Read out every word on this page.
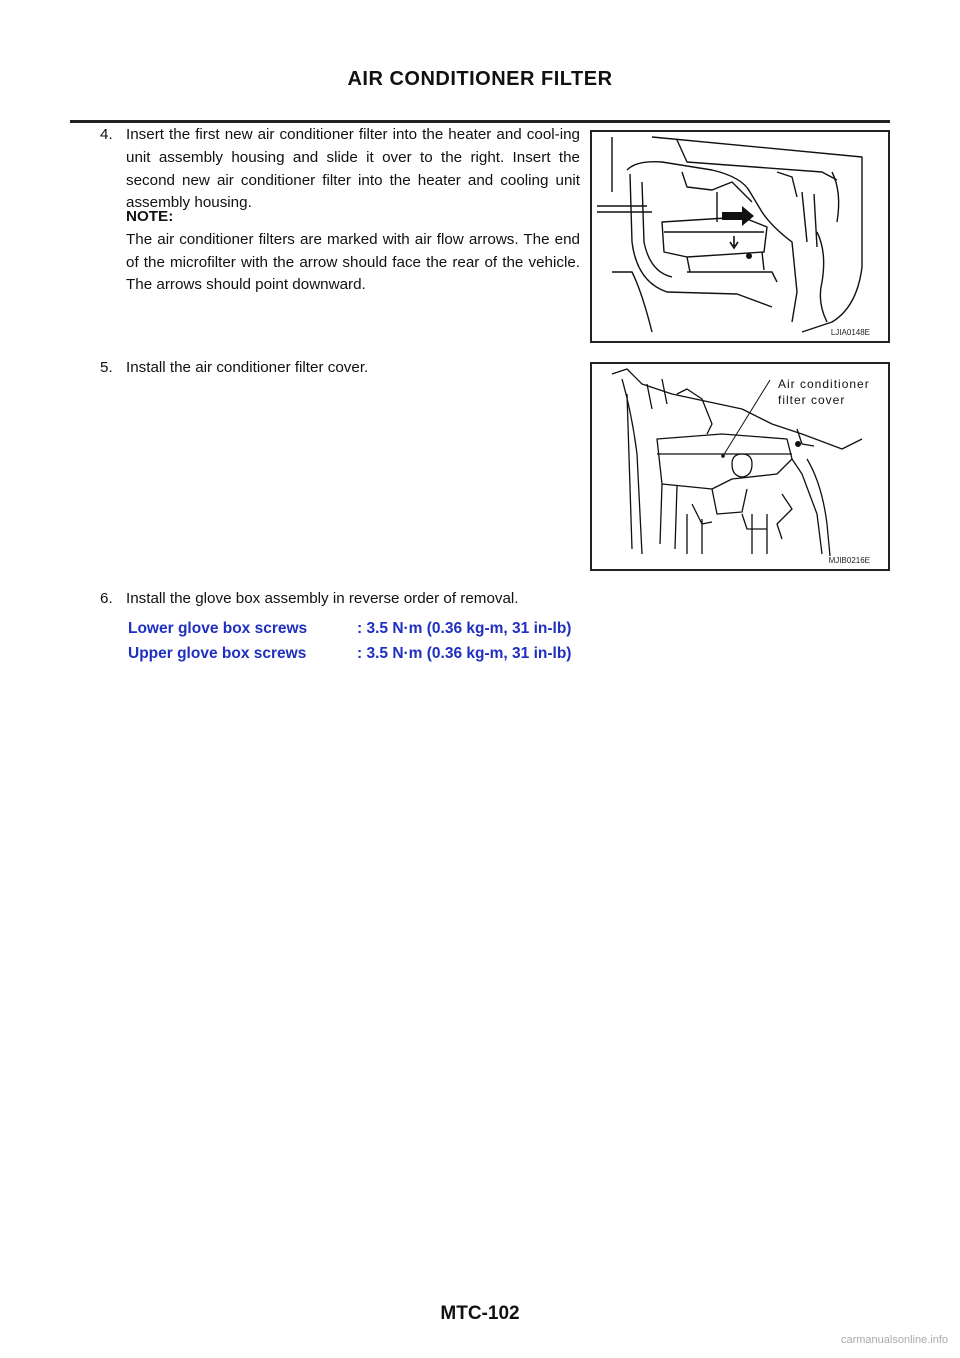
AIR CONDITIONER FILTER
4. Insert the first new air conditioner filter into the heater and cool-ing unit assembly housing and slide it over to the right. Insert the second new air conditioner filter into the heater and cooling unit assembly housing.
NOTE:
The air conditioner filters are marked with air flow arrows. The end of the microfilter with the arrow should face the rear of the vehicle. The arrows should point downward.
LJIA0148E
5. Install the air conditioner filter cover.
Air conditioner
filter cover
MJIB0216E
6. Install the glove box assembly in reverse order of removal.
Lower glove box screws	: 3.5 N·m (0.36 kg-m, 31 in-lb)
Upper glove box screws	: 3.5 N·m (0.36 kg-m, 31 in-lb)
MTC-102
carmanualsonline.info
